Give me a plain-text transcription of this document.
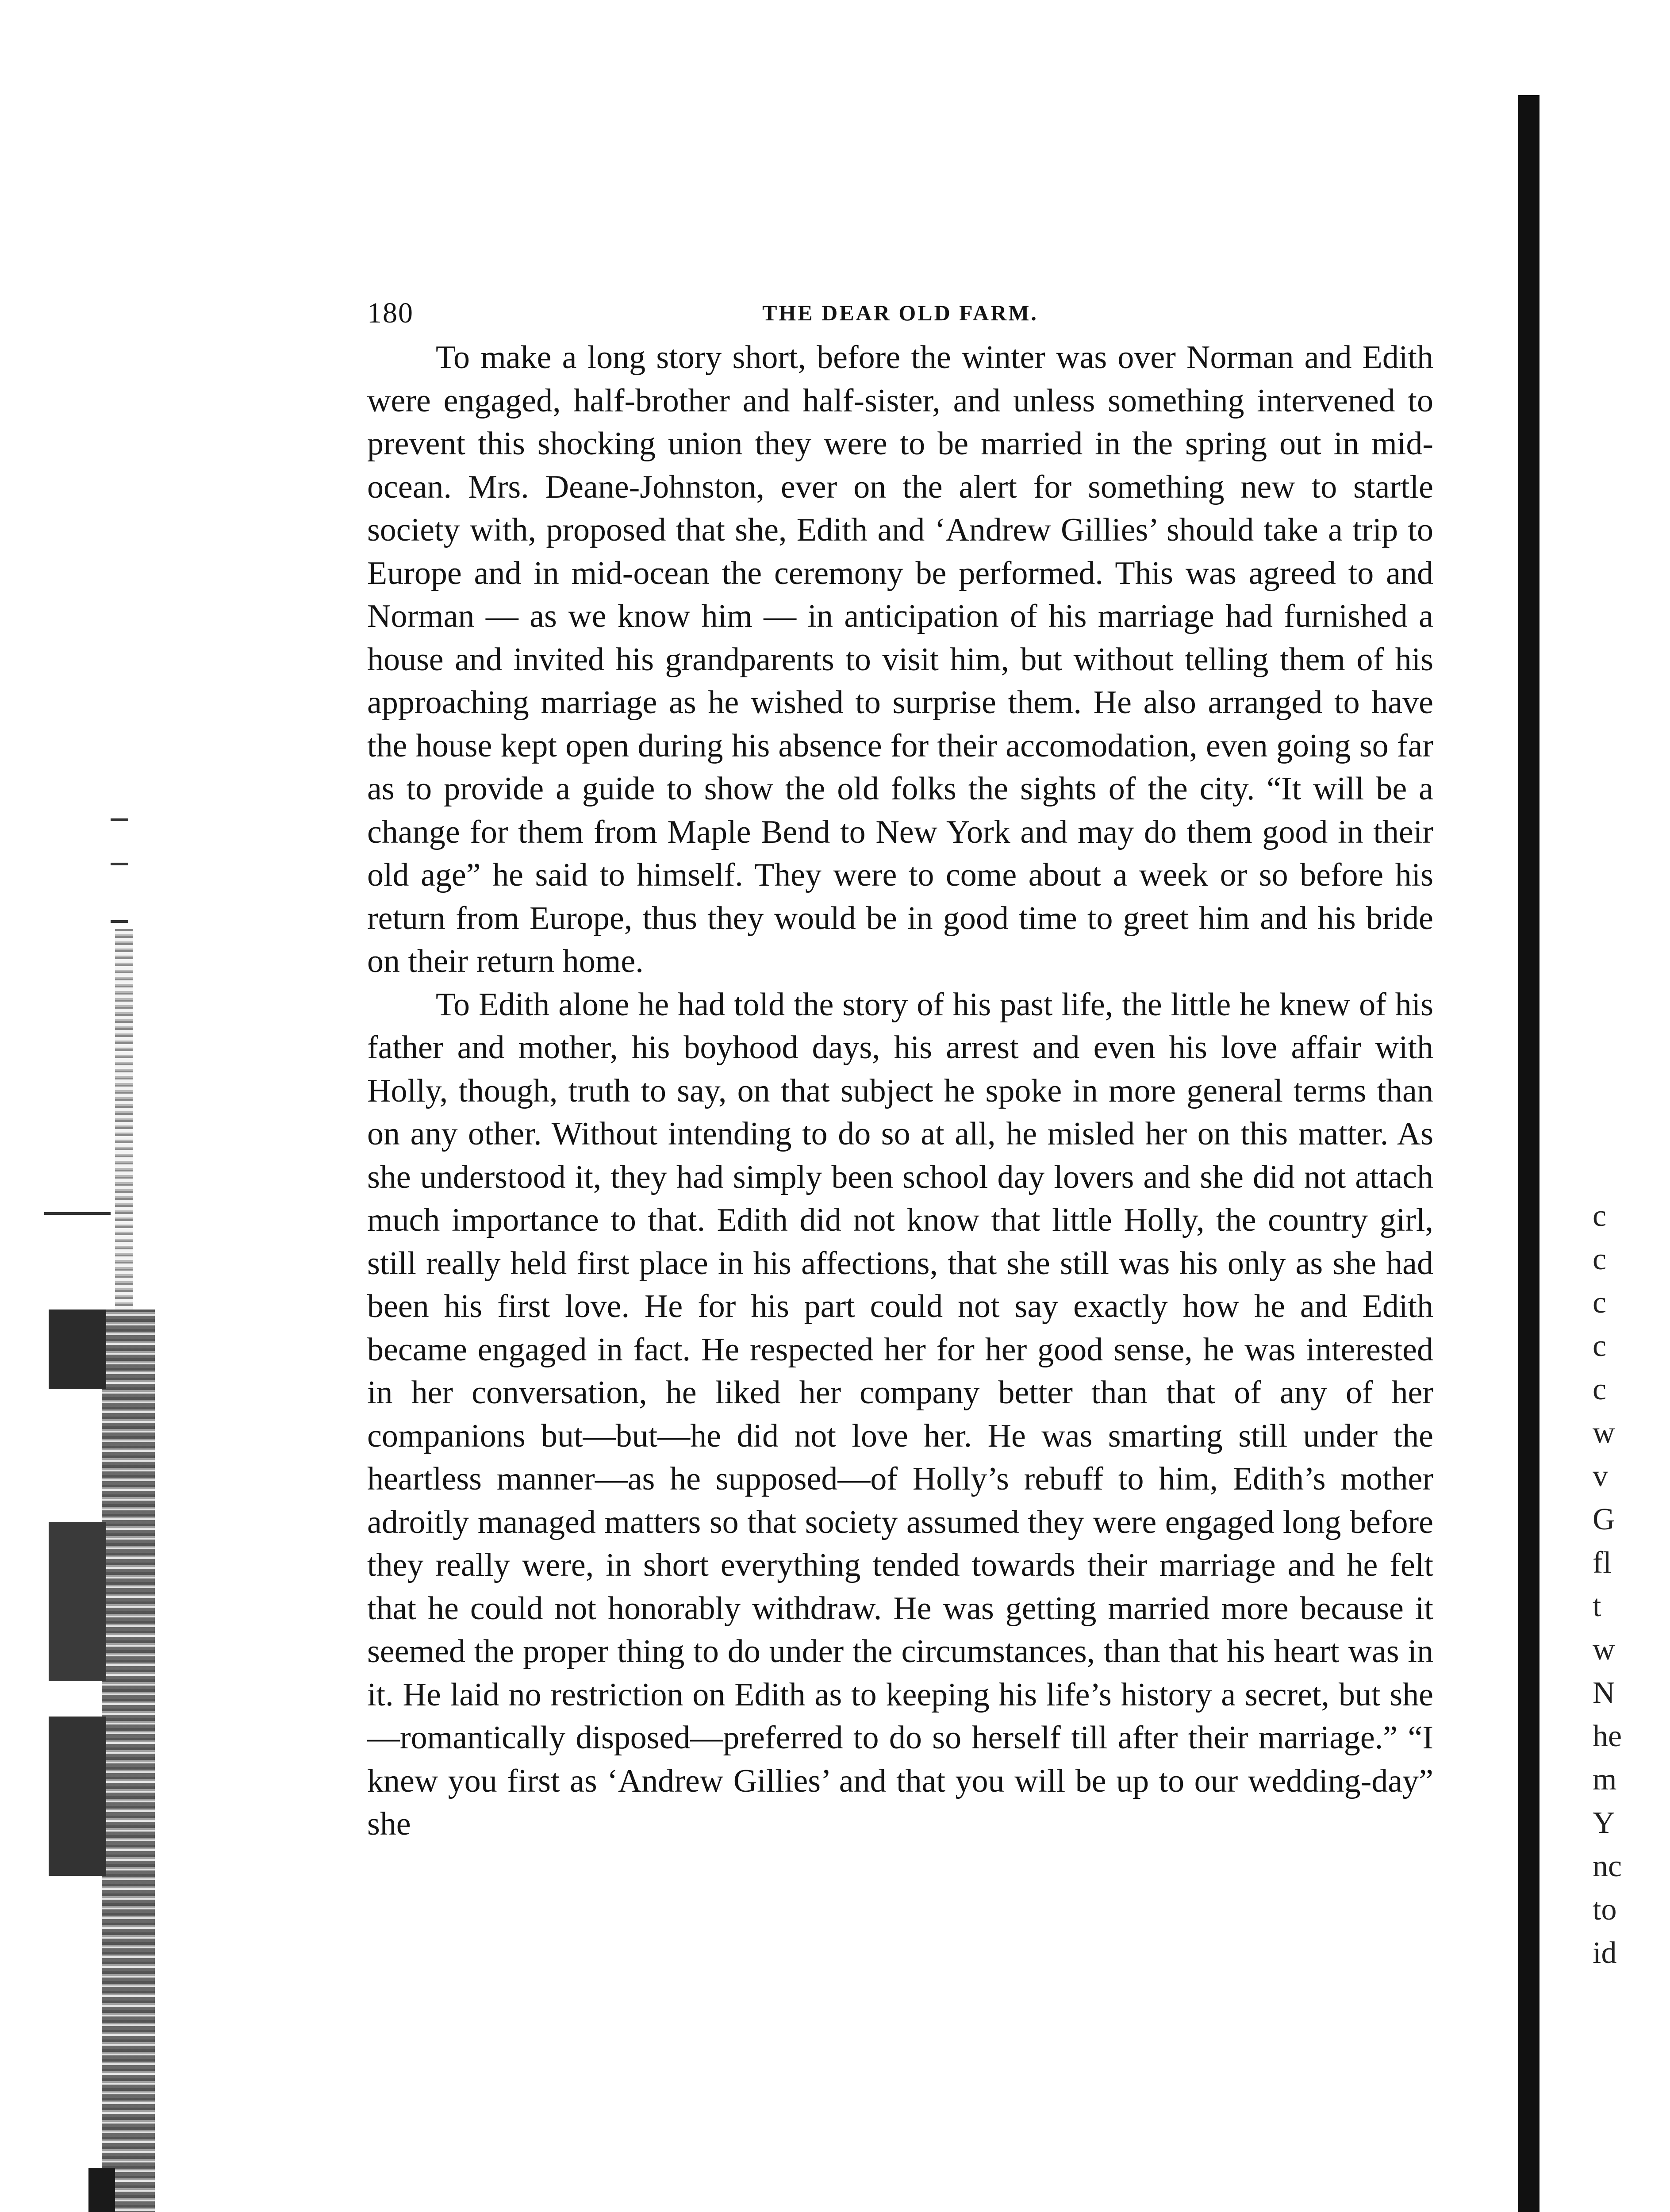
c
c
c
c
c
w
v
G
fl
t
w
N
he
m
Y
nc
to
id
180	THE DEAR OLD FARM.

To make a long story short, before the winter was over Norman and Edith were engaged, half-brother and half-sister, and unless something intervened to prevent this shocking union they were to be married in the spring out in mid-ocean. Mrs. Deane-Johnston, ever on the alert for something new to startle society with, proposed that she, Edith and ‘Andrew Gillies’ should take a trip to Europe and in mid-ocean the ceremony be performed. This was agreed to and Norman — as we know him — in anticipation of his marriage had furnished a house and invited his grandparents to visit him, but without telling them of his approaching marriage as he wished to surprise them. He also arranged to have the house kept open during his absence for their accomodation, even going so far as to provide a guide to show the old folks the sights of the city. “It will be a change for them from Maple Bend to New York and may do them good in their old age” he said to himself. They were to come about a week or so before his return from Europe, thus they would be in good time to greet him and his bride on their return home.

To Edith alone he had told the story of his past life, the little he knew of his father and mother, his boyhood days, his arrest and even his love affair with Holly, though, truth to say, on that subject he spoke in more general terms than on any other. Without intending to do so at all, he misled her on this matter. As she understood it, they had simply been school day lovers and she did not attach much importance to that. Edith did not know that little Holly, the country girl, still really held first place in his affections, that she still was his only as she had been his first love. He for his part could not say exactly how he and Edith became engaged in fact. He respected her for her good sense, he was interested in her conversation, he liked her company better than that of any of her companions but—but—he did not love her. He was smarting still under the heartless manner—as he supposed—of Holly’s rebuff to him, Edith’s mother adroitly managed matters so that society assumed they were engaged long before they really were, in short everything tended towards their marriage and he felt that he could not honorably withdraw. He was getting married more because it seemed the proper thing to do under the circumstances, than that his heart was in it. He laid no restriction on Edith as to keeping his life’s history a secret, but she—romantically disposed—preferred to do so herself till after their marriage.” “I knew you first as ‘Andrew Gillies’ and that you will be up to our wedding-day” she
